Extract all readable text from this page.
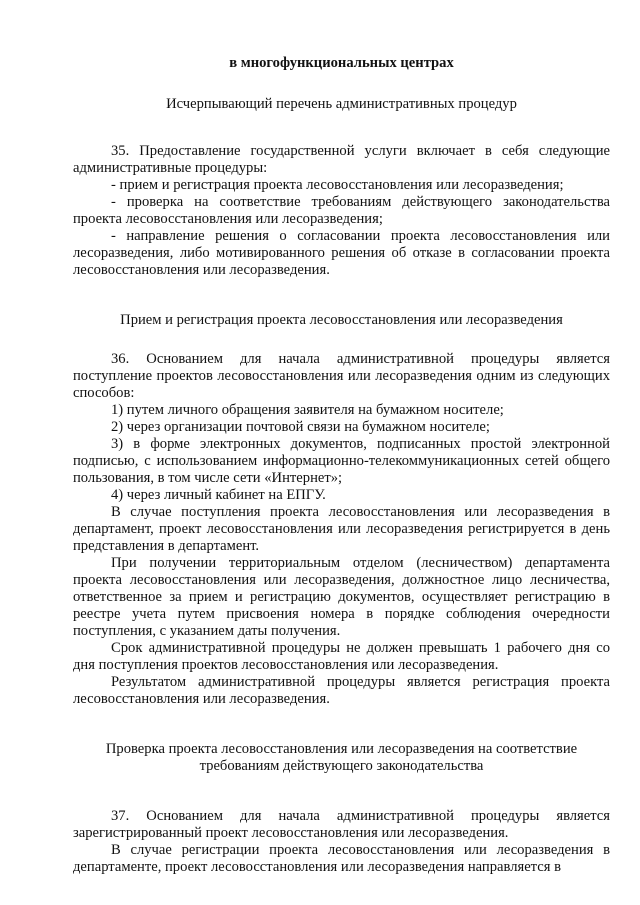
в многофункциональных центрах
Исчерпывающий перечень административных процедур

35. Предоставление государственной услуги включает в себя следующие административные процедуры:

- прием и регистрация проекта лесовосстановления или лесоразведения;

- проверка на соответствие требованиям действующего законодательства проекта лесовосстановления или лесоразведения;

- направление решения о согласовании проекта лесовосстановления или лесоразведения, либо мотивированного решения об отказе в согласовании проекта лесовосстановления или лесоразведения.

Прием и регистрация проекта лесовосстановления или лесоразведения

36. Основанием для начала административной процедуры является поступление проектов лесовосстановления или лесоразведения одним из следующих способов:

1) путем личного обращения заявителя на бумажном носителе;

2) через организации почтовой связи на бумажном носителе;

3) в форме электронных документов, подписанных простой электронной подписью, с использованием информационно-телекоммуникационных сетей общего пользования, в том числе сети «Интернет»;

4) через личный кабинет на ЕПГУ.

В случае поступления проекта лесовосстановления или лесоразведения в департамент, проект лесовосстановления или лесоразведения регистрируется в день представления в департамент.

При получении территориальным отделом (лесничеством) департамента проекта лесовосстановления или лесоразведения, должностное лицо лесничества, ответственное за прием и регистрацию документов, осуществляет регистрацию в реестре учета путем присвоения номера в порядке соблюдения очередности поступления, с указанием даты получения.

Срок административной процедуры не должен превышать 1 рабочего дня со дня поступления проектов лесовосстановления или лесоразведения.

Результатом административной процедуры является регистрация проекта лесовосстановления или лесоразведения.

Проверка проекта лесовосстановления или лесоразведения на соответствие
требованиям действующего законодательства

37. Основанием для начала административной процедуры является зарегистрированный проект лесовосстановления или лесоразведения.

В случае регистрации проекта лесовосстановления или лесоразведения в департаменте, проект лесовосстановления или лесоразведения направляется в
